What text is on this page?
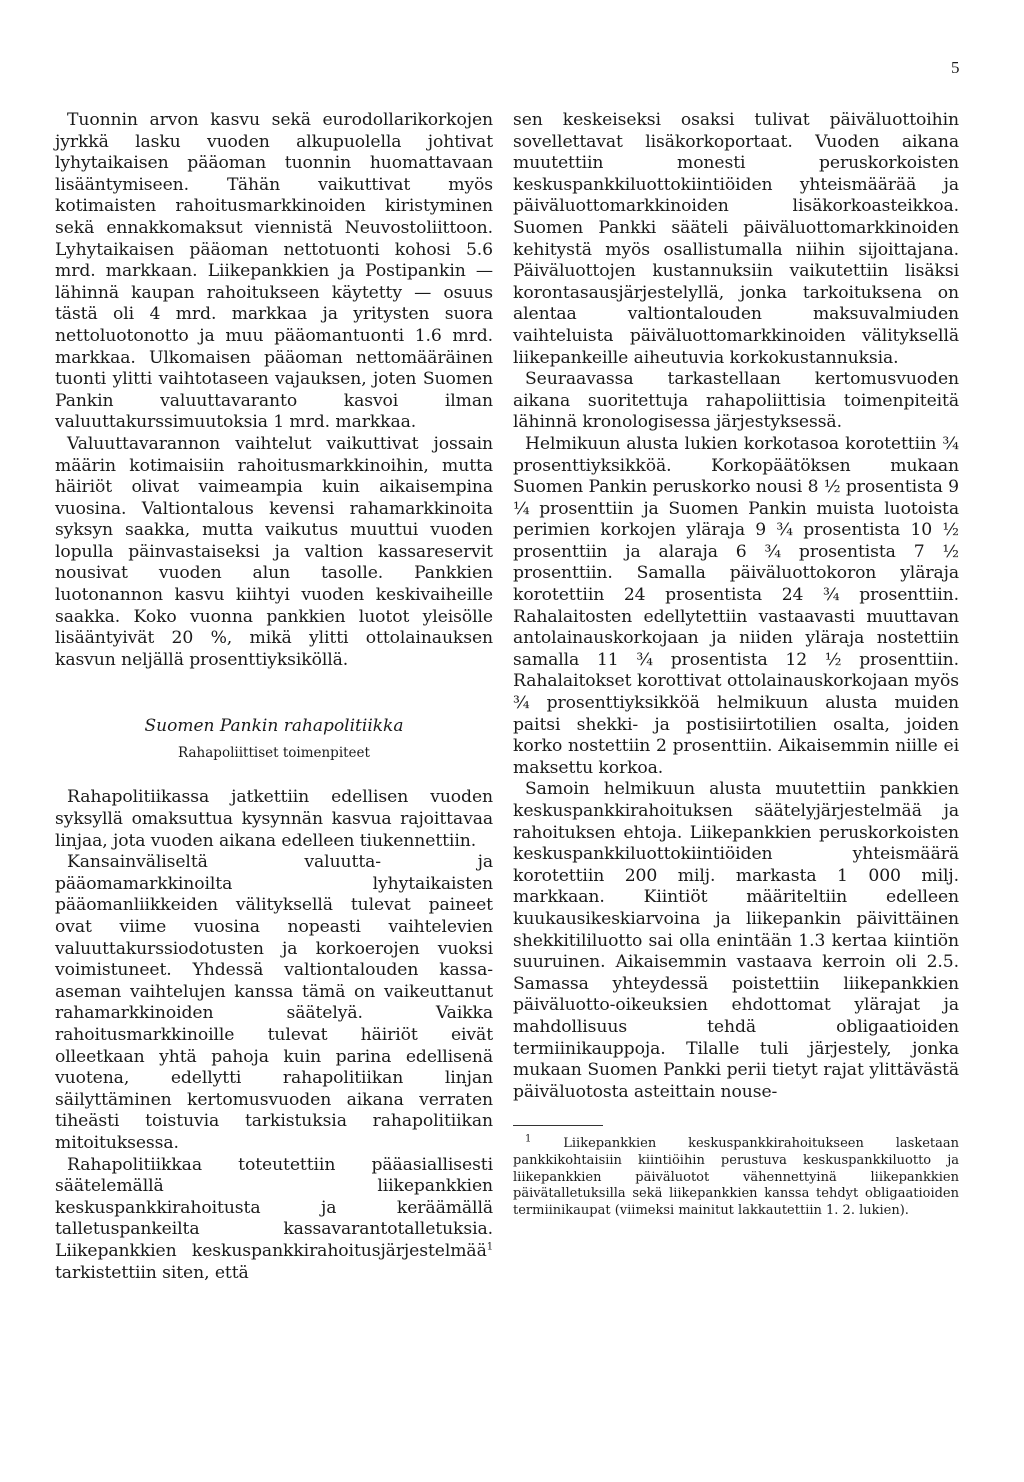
5

Tuonnin arvon kasvu sekä eurodollarikorkojen jyrkkä lasku vuoden alkupuolella johtivat lyhytaikaisen pääoman tuonnin huomattavaan lisääntymiseen. Tähän vaikuttivat myös kotimaisten rahoitusmarkkinoiden kiristyminen sekä ennakkomaksut viennistä Neuvostoliittoon. Lyhytaikaisen pääoman nettotuonti kohosi 5.6 mrd. markkaan. Liikepankkien ja Postipankin — lähinnä kaupan rahoitukseen käytetty — osuus tästä oli 4 mrd. markkaa ja yritysten suora nettoluotonotto ja muu pääomantuonti 1.6 mrd. markkaa. Ulkomaisen pääoman nettomääräinen tuonti ylitti vaihtotaseen vajauksen, joten Suomen Pankin valuuttavaranto kasvoi ilman valuuttakurssimuutoksia 1 mrd. markkaa.

Valuuttavarannon vaihtelut vaikuttivat jossain määrin kotimaisiin rahoitusmarkkinoihin, mutta häiriöt olivat vaimeampia kuin aikaisempina vuosina. Valtiontalous kevensi rahamarkkinoita syksyn saakka, mutta vaikutus muuttui vuoden lopulla päinvastaiseksi ja valtion kassareservit nousivat vuoden alun tasolle. Pankkien luotonannon kasvu kiihtyi vuoden keskivaiheille saakka. Koko vuonna pankkien luotot yleisölle lisääntyivät 20 %, mikä ylitti ottolainauksen kasvun neljällä prosenttiyksiköllä.

Suomen Pankin rahapolitiikka
Rahapoliittiset toimenpiteet

Rahapolitiikassa jatkettiin edellisen vuoden syksyllä omaksuttua kysynnän kasvua rajoittavaa linjaa, jota vuoden aikana edelleen tiukennettiin.

Kansainväliseltä valuutta- ja pääomamarkkinoilta lyhytaikaisten pääomanliikkeiden välityksellä tulevat paineet ovat viime vuosina nopeasti vaihtelevien valuuttakurssiodotusten ja korkoerojen vuoksi voimistuneet. Yhdessä valtiontalouden kassa-aseman vaihtelujen kanssa tämä on vaikeuttanut rahamarkkinoiden säätelyä. Vaikka rahoitusmarkkinoille tulevat häiriöt eivät olleetkaan yhtä pahoja kuin parina edellisenä vuotena, edellytti rahapolitiikan linjan säilyttäminen kertomusvuoden aikana verraten tiheästi toistuvia tarkistuksia rahapolitiikan mitoituksessa.

Rahapolitiikkaa toteutettiin pääasiallisesti säätelemällä liikepankkien keskuspankkirahoitusta ja keräämällä talletuspankeilta kassavarantotalletuksia. Liikepankkien keskuspankkirahoitusjärjestelmää$^1$ tarkistettiin siten, että

sen keskeiseksi osaksi tulivat päiväluottoihin sovellettavat lisäkorkoportaat. Vuoden aikana muutettiin monesti peruskorkoisten keskuspankkiluottokiintiöiden yhteismäärää ja päiväluottomarkkinoiden lisäkorkoasteikkoa. Suomen Pankki sääteli päiväluottomarkkinoiden kehitystä myös osallistumalla niihin sijoittajana. Päiväluottojen kustannuksiin vaikutettiin lisäksi korontasausjärjestelyllä, jonka tarkoituksena on alentaa valtiontalouden maksuvalmiuden vaihteluista päiväluottomarkkinoiden välityksellä liikepankeille aiheutuvia korkokustannuksia.

Seuraavassa tarkastellaan kertomusvuoden aikana suoritettuja rahapoliittisia toimenpiteitä lähinnä kronologisessa järjestyksessä.

Helmikuun alusta lukien korkotasoa korotettiin ¾ prosenttiyksikköä. Korkopäätöksen mukaan Suomen Pankin peruskorko nousi 8 ½ prosentista 9 ¼ prosenttiin ja Suomen Pankin muista luotoista perimien korkojen yläraja 9 ¾ prosentista 10 ½ prosenttiin ja alaraja 6 ¾ prosentista 7 ½ prosenttiin. Samalla päiväluottokoron yläraja korotettiin 24 prosentista 24 ¾ prosenttiin. Rahalaitosten edellytettiin vastaavasti muuttavan antolainauskorkojaan ja niiden yläraja nostettiin samalla 11 ¾ prosentista 12 ½ prosenttiin. Rahalaitokset korottivat ottolainauskorkojaan myös ¾ prosenttiyksikköä helmikuun alusta muiden paitsi shekki- ja postisiirtotilien osalta, joiden korko nostettiin 2 prosenttiin. Aikaisemmin niille ei maksettu korkoa.

Samoin helmikuun alusta muutettiin pankkien keskuspankkirahoituksen säätelyjärjestelmää ja rahoituksen ehtoja. Liikepankkien peruskorkoisten keskuspankkiluottokiintiöiden yhteismäärä korotettiin 200 milj. markasta 1 000 milj. markkaan. Kiintiöt määriteltiin edelleen kuukausikeskiarvoina ja liikepankin päivittäinen shekkitililuotto sai olla enintään 1.3 kertaa kiintiön suuruinen. Aikaisemmin vastaava kerroin oli 2.5. Samassa yhteydessä poistettiin liikepankkien päiväluotto-oikeuksien ehdottomat ylärajat ja mahdollisuus tehdä obligaatioiden termiinikauppoja. Tilalle tuli järjestely, jonka mukaan Suomen Pankki perii tietyt rajat ylittävästä päiväluotosta asteittain nouse-

$^1$ Liikepankkien keskuspankkirahoitukseen lasketaan pankkikohtaisiin kiintiöihin perustuva keskuspankkiluotto ja liikepankkien päiväluotot vähennettyinä liikepankkien päivätalletuksilla sekä liikepankkien kanssa tehdyt obligaatioiden termiinikaupat (viimeksi mainitut lakkautettiin 1. 2. lukien).
